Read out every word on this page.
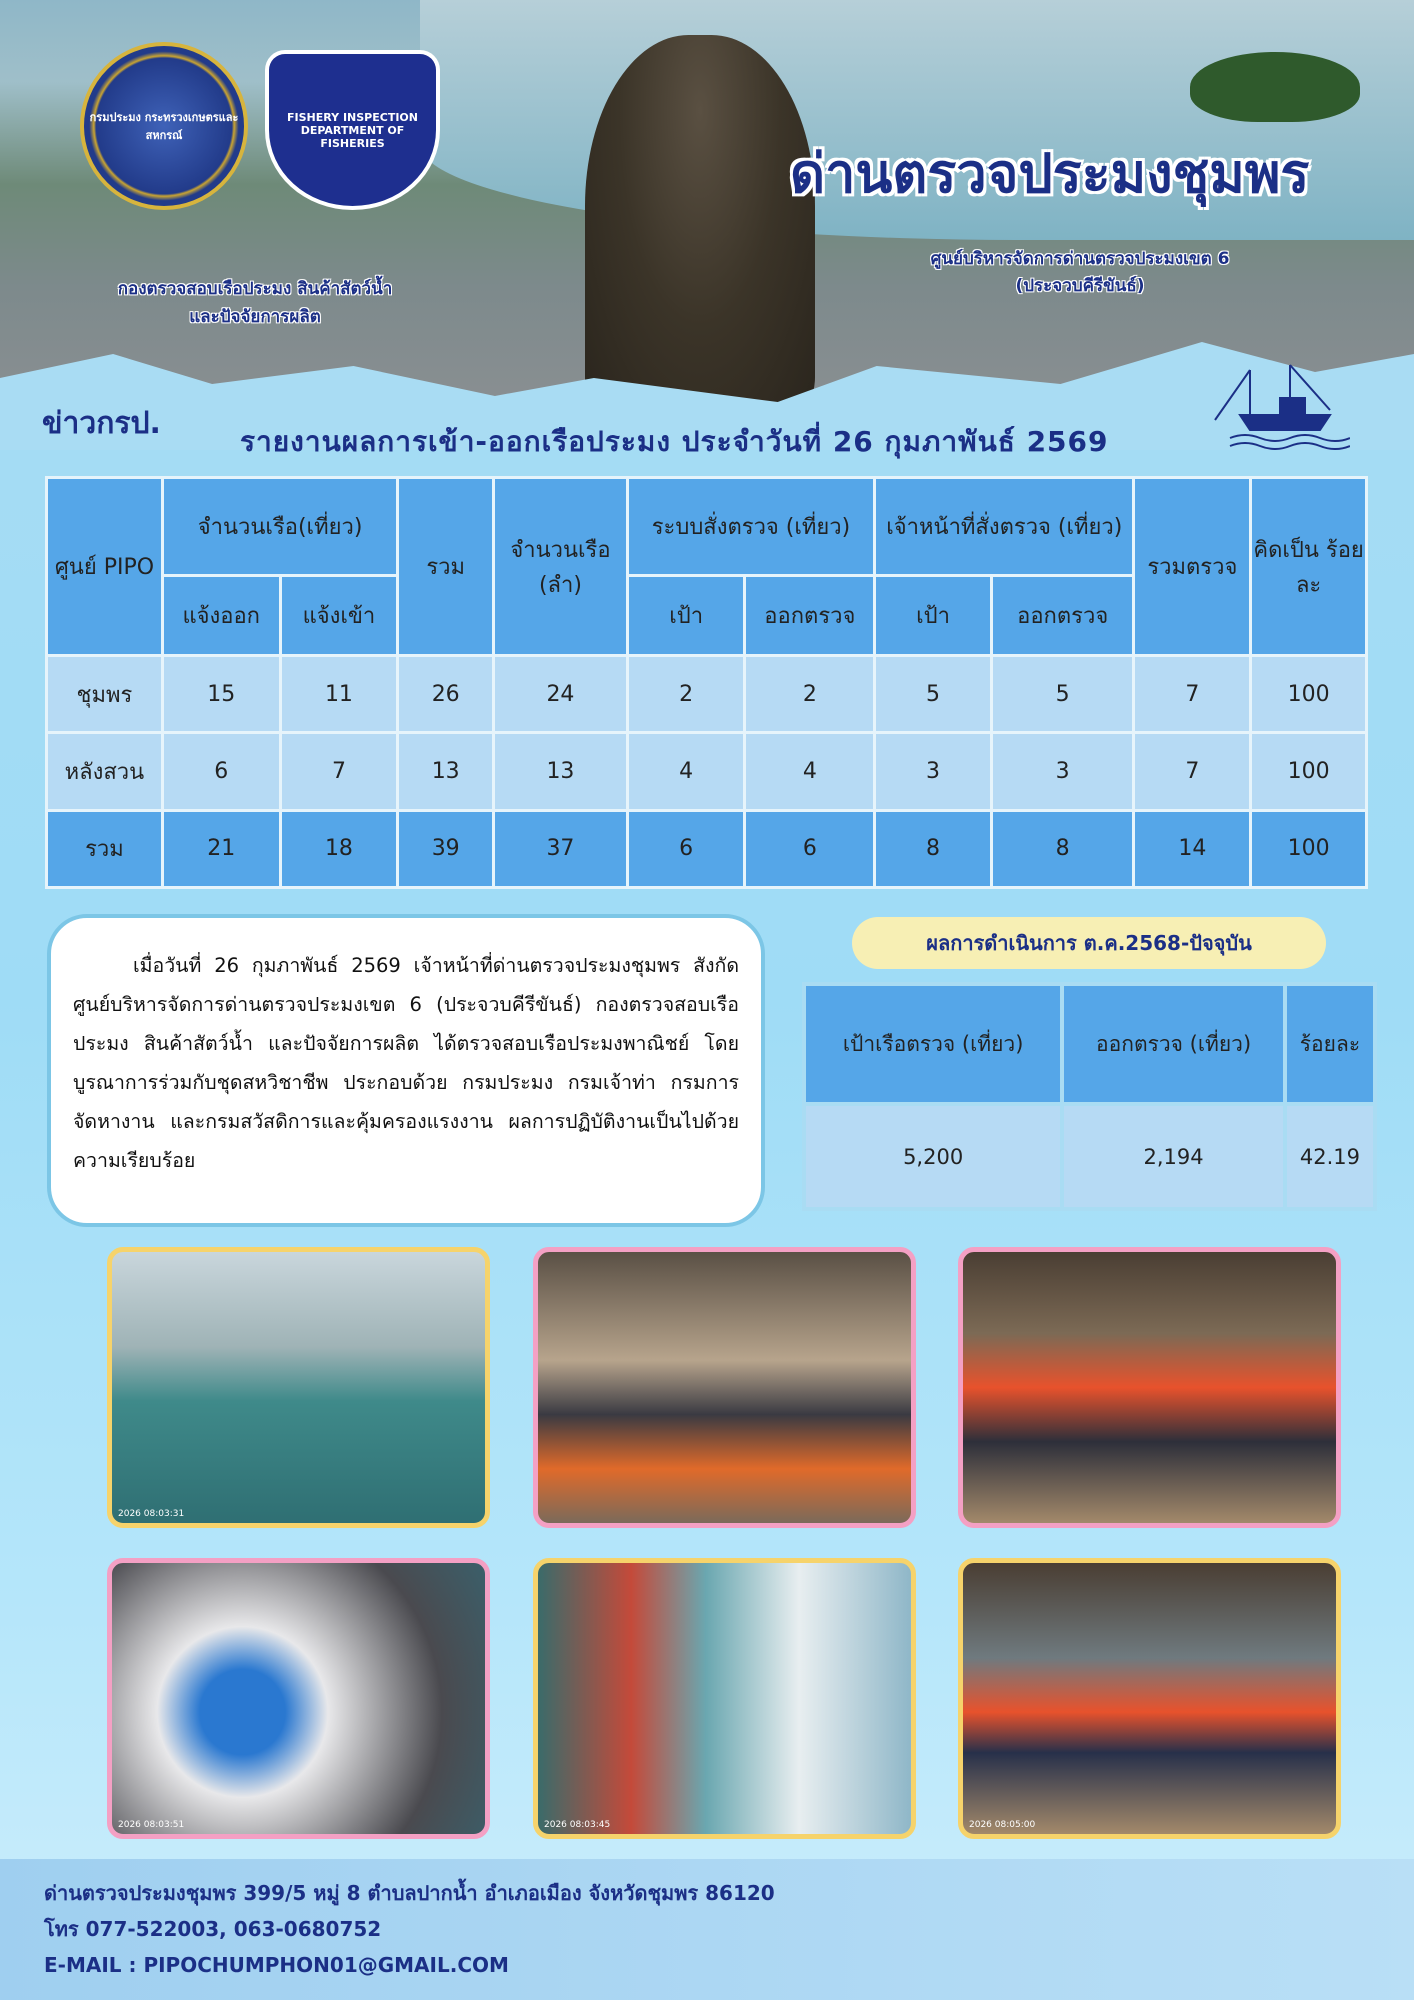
กรมประมง กระทรวงเกษตรและสหกรณ์
FISHERY INSPECTION DEPARTMENT OF FISHERIES	ด่านตรวจประมงชุมพร
ศูนย์บริหารจัดการด่านตรวจประมงเขต 6
(ประจวบคีรีขันธ์)
กองตรวจสอบเรือประมง สินค้าสัตว์น้ำ
และปัจจัยการผลิต
ข่าวกรป.
รายงานผลการเข้า-ออกเรือประมง ประจำวันที่ 26 กุมภาพันธ์ 2569
ศูนย์ PIPO	จำนวนเรือ(เที่ยว)		รวม	จำนวนเรือ (ลำ)	ระบบสั่งตรวจ (เที่ยว)		เจ้าหน้าที่สั่งตรวจ (เที่ยว)		รวมตรวจ	คิดเป็น ร้อยละ
	แจ้งออก	แจ้งเข้า			เป้า	ออกตรวจ	เป้า	ออกตรวจ		
ชุมพร	15	11	26	24	2	2	5	5	7	100
หลังสวน	6	7	13	13	4	4	3	3	7	100
รวม	21	18	39	37	6	6	8	8	14	100
เมื่อวันที่ 26 กุมภาพันธ์ 2569 เจ้าหน้าที่ด่านตรวจประมงชุมพร สังกัดศูนย์บริหารจัดการด่านตรวจประมงเขต 6 (ประจวบคีรีขันธ์) กองตรวจสอบเรือประมง สินค้าสัตว์น้ำ และปัจจัยการผลิต ได้ตรวจสอบเรือประมงพาณิชย์ โดยบูรณาการร่วมกับชุดสหวิชาชีพ ประกอบด้วย กรมประมง กรมเจ้าท่า กรมการจัดหางาน และกรมสวัสดิการและคุ้มครองแรงงาน ผลการปฏิบัติงานเป็นไปด้วยความเรียบร้อย
ผลการดำเนินการ ต.ค.2568-ปัจจุบัน
เป้าเรือตรวจ (เที่ยว)	ออกตรวจ (เที่ยว)	ร้อยละ
5,200	2,194	42.19
2026 08:03:31
2026 08:03:51	2026 08:03:45	2026 08:05:00
ด่านตรวจประมงชุมพร 399/5 หมู่ 8 ตำบลปากน้ำ อำเภอเมือง จังหวัดชุมพร 86120
โทร 077-522003, 063-0680752
E-MAIL : PIPOCHUMPHON01@GMAIL.COM
